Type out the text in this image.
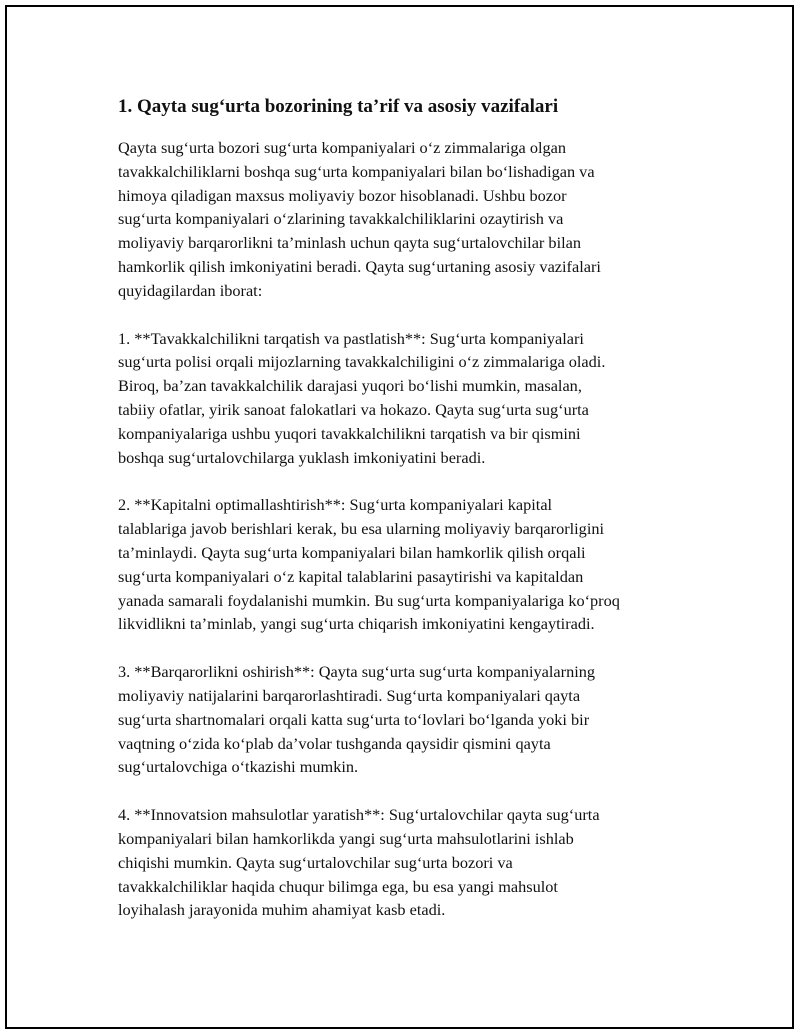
1. Qayta sug‘urta bozorining ta’rif va asosiy vazifalari

Qayta sug‘urta bozori sug‘urta kompaniyalari o‘z zimmalariga olgan
tavakkalchiliklarni boshqa sug‘urta kompaniyalari bilan bo‘lishadigan va
himoya qiladigan maxsus moliyaviy bozor hisoblanadi. Ushbu bozor
sug‘urta kompaniyalari o‘zlarining tavakkalchiliklarini ozaytirish va
moliyaviy barqarorlikni ta’minlash uchun qayta sug‘urtalovchilar bilan
hamkorlik qilish imkoniyatini beradi. Qayta sug‘urtaning asosiy vazifalari
quyidagilardan iborat:

1. **Tavakkalchilikni tarqatish va pastlatish**: Sug‘urta kompaniyalari
sug‘urta polisi orqali mijozlarning tavakkalchiligini o‘z zimmalariga oladi.
Biroq, ba’zan tavakkalchilik darajasi yuqori bo‘lishi mumkin, masalan,
tabiiy ofatlar, yirik sanoat falokatlari va hokazo. Qayta sug‘urta sug‘urta
kompaniyalariga ushbu yuqori tavakkalchilikni tarqatish va bir qismini
boshqa sug‘urtalovchilarga yuklash imkoniyatini beradi.

2. **Kapitalni optimallashtirish**: Sug‘urta kompaniyalari kapital
talablariga javob berishlari kerak, bu esa ularning moliyaviy barqarorligini
ta’minlaydi. Qayta sug‘urta kompaniyalari bilan hamkorlik qilish orqali
sug‘urta kompaniyalari o‘z kapital talablarini pasaytirishi va kapitaldan
yanada samarali foydalanishi mumkin. Bu sug‘urta kompaniyalariga ko‘proq
likvidlikni ta’minlab, yangi sug‘urta chiqarish imkoniyatini kengaytiradi.

3. **Barqarorlikni oshirish**: Qayta sug‘urta sug‘urta kompaniyalarning
moliyaviy natijalarini barqarorlashtiradi. Sug‘urta kompaniyalari qayta
sug‘urta shartnomalari orqali katta sug‘urta to‘lovlari bo‘lganda yoki bir
vaqtning o‘zida ko‘plab da’volar tushganda qaysidir qismini qayta
sug‘urtalovchiga o‘tkazishi mumkin.

4. **Innovatsion mahsulotlar yaratish**: Sug‘urtalovchilar qayta sug‘urta
kompaniyalari bilan hamkorlikda yangi sug‘urta mahsulotlarini ishlab
chiqishi mumkin. Qayta sug‘urtalovchilar sug‘urta bozori va
tavakkalchiliklar haqida chuqur bilimga ega, bu esa yangi mahsulot
loyihalash jarayonida muhim ahamiyat kasb etadi.
